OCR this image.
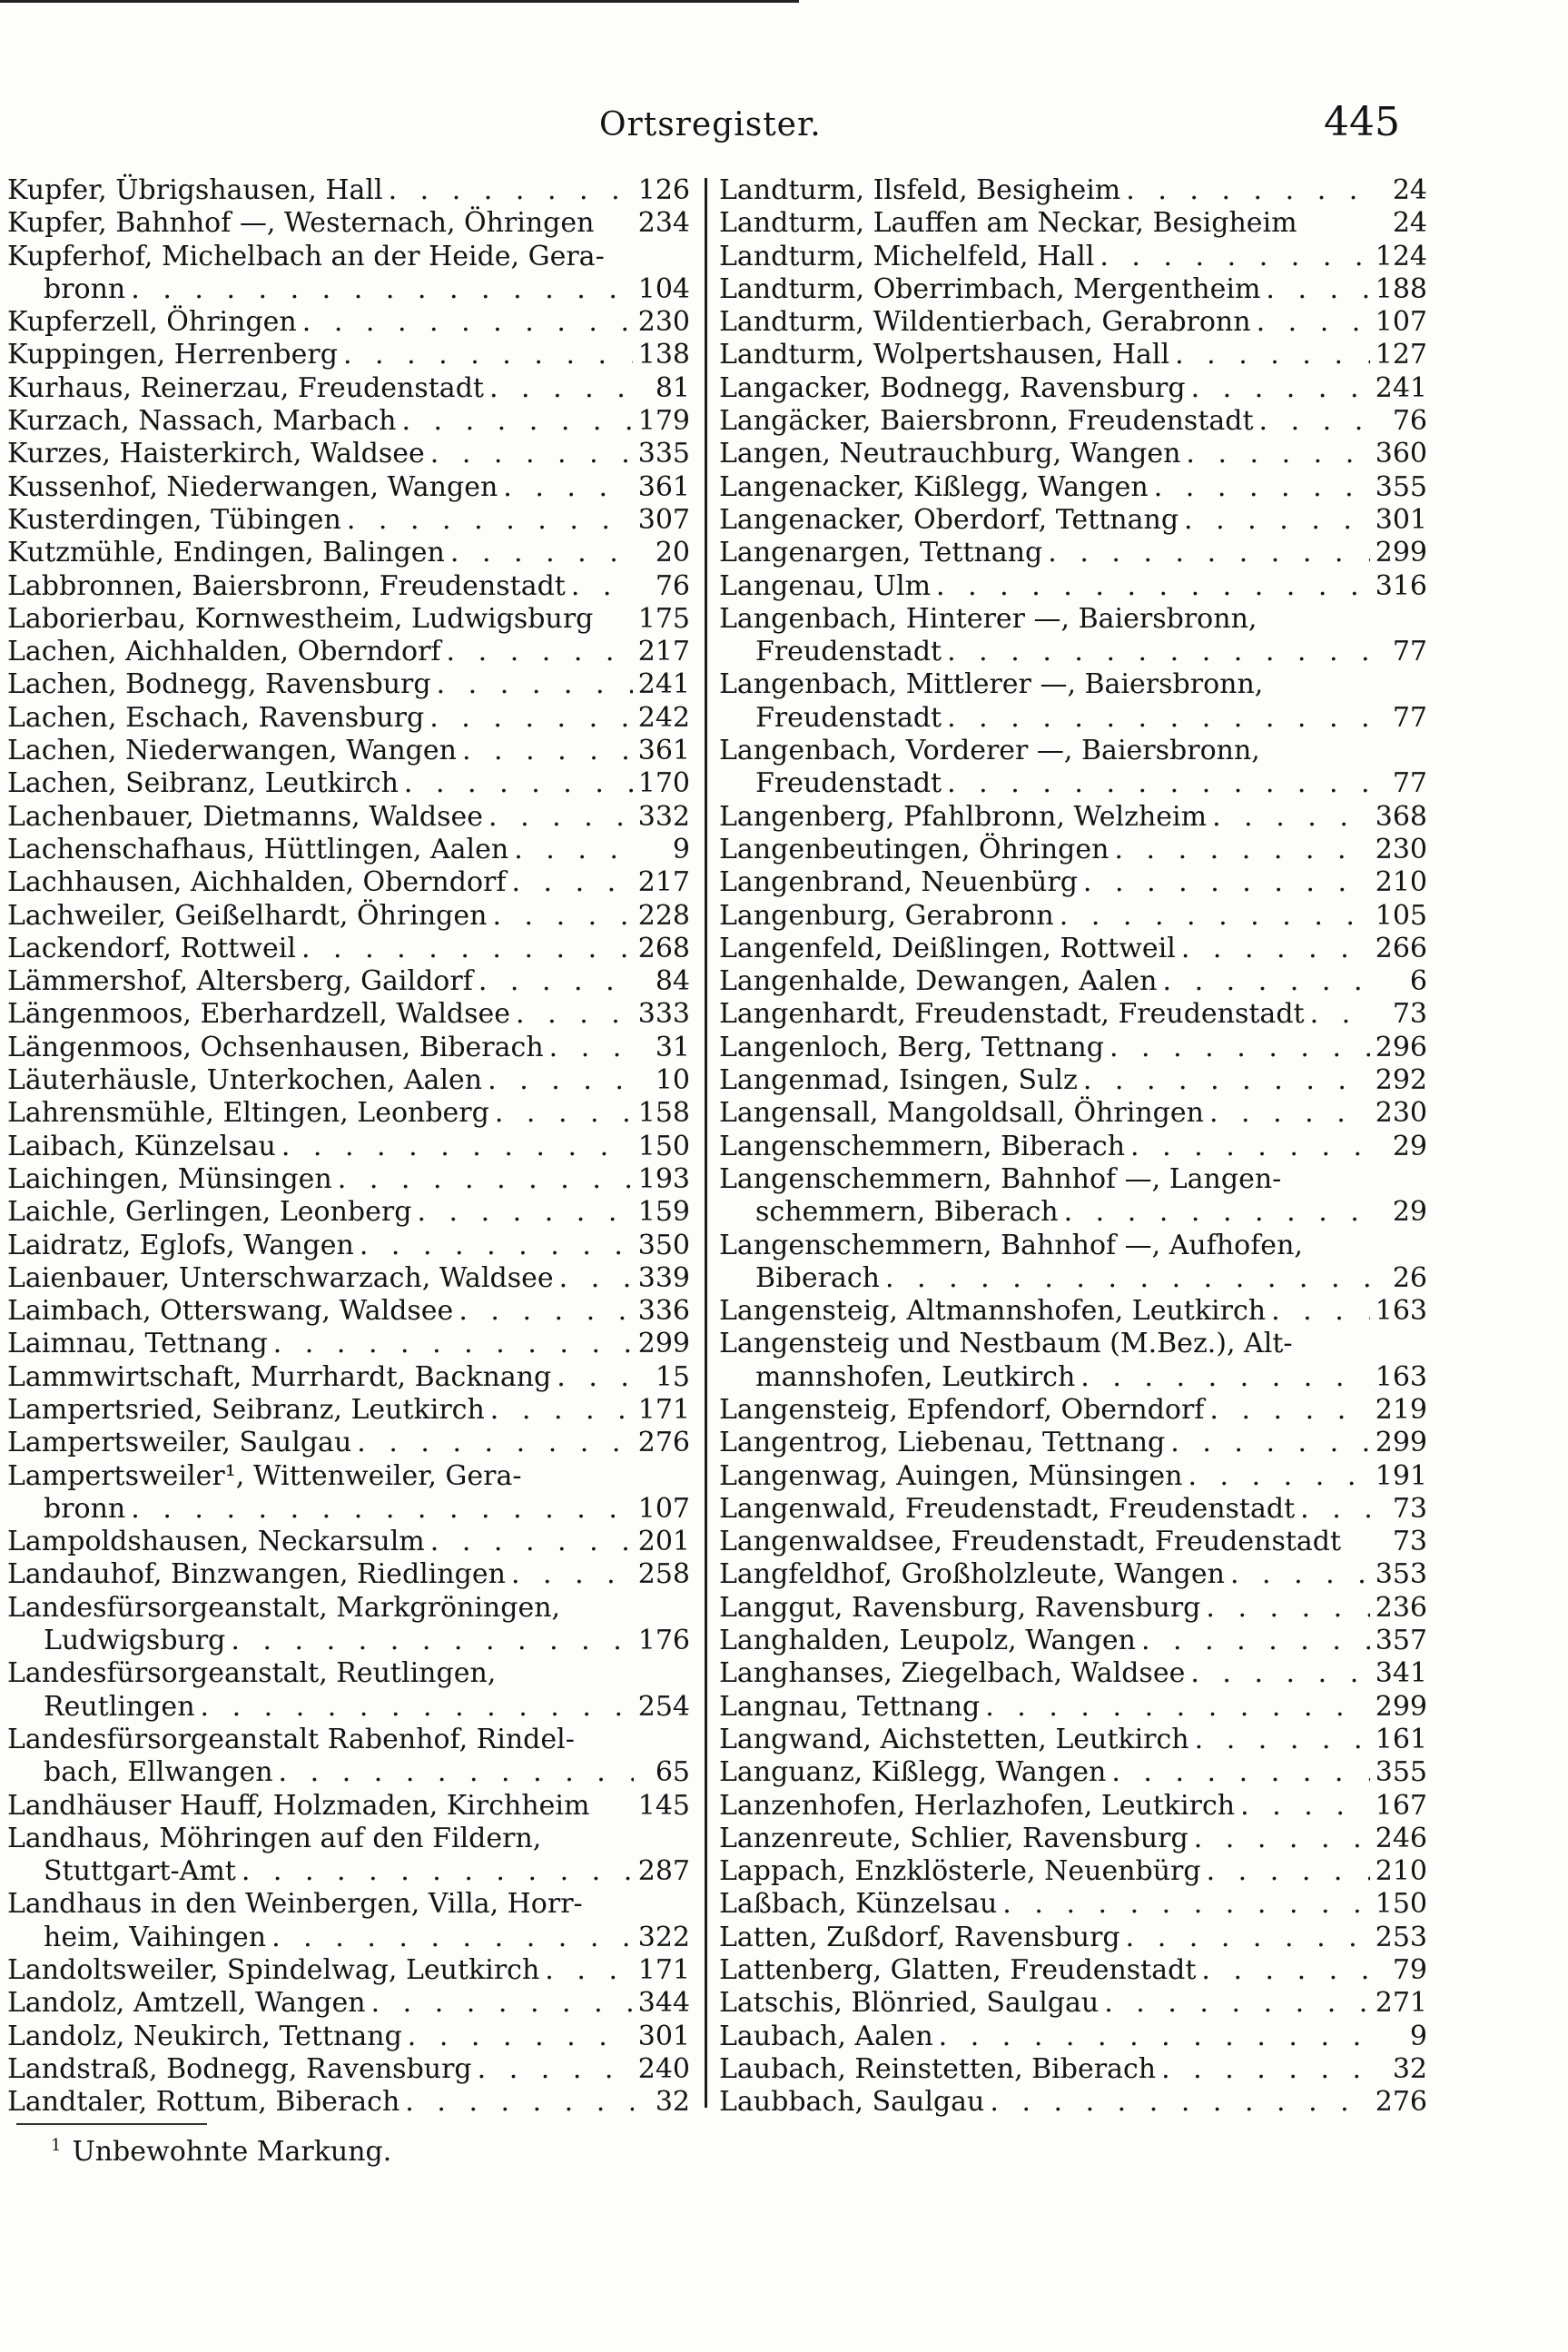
Ortsregister.	445
Kupfer, Übrigshausen, Hall . . .	126
Kupfer, Bahnhof —, Westernach, Öhringen 234
Kupferhof, Michelbach an der Heide, Gera-
bronn . . .	104
Kupferzell, Öhringen . . .	230
Kuppingen, Herrenberg . . .	138
Kurhaus, Reinerzau, Freudenstadt . . .	81
Kurzach, Nassach, Marbach . . .	179
Kurzes, Haisterkirch, Waldsee . . .	335
Kussenhof, Niederwangen, Wangen . . .	361
Kusterdingen, Tübingen . . .	307
Kutzmühle, Endingen, Balingen . . .	20
Labbronnen, Baiersbronn, Freudenstadt . . .	76
Laborierbau, Kornwestheim, Ludwigsburg 175
Lachen, Aichhalden, Oberndorf . . .	217
Lachen, Bodnegg, Ravensburg . . .	241
Lachen, Eschach, Ravensburg . . .	242
Lachen, Niederwangen, Wangen . . .	361
Lachen, Seibranz, Leutkirch . . .	170
Lachenbauer, Dietmanns, Waldsee . . .	332
Lachenschafhaus, Hüttlingen, Aalen . . .	9
Lachhausen, Aichhalden, Oberndorf . . .	217
Lachweiler, Geißelhardt, Öhringen . . .	228
Lackendorf, Rottweil . . .	268
Lämmershof, Altersberg, Gaildorf . . .	84
Längenmoos, Eberhardzell, Waldsee . . .	333
Längenmoos, Ochsenhausen, Biberach . . .	31
Läuterhäusle, Unterkochen, Aalen . . .	10
Lahrensmühle, Eltingen, Leonberg . . .	158
Laibach, Künzelsau . . .	150
Laichingen, Münsingen . . .	193
Laichle, Gerlingen, Leonberg . . .	159
Laidratz, Eglofs, Wangen . . .	350
Laienbauer, Unterschwarzach, Waldsee . . .	339
Laimbach, Otterswang, Waldsee . . .	336
Laimnau, Tettnang . . .	299
Lammwirtschaft, Murrhardt, Backnang . . .	15
Lampertsried, Seibranz, Leutkirch . . .	171
Lampertsweiler, Saulgau . . .	276
Lampertsweiler¹, Wittenweiler, Gera-
bronn . . .	107
Lampoldshausen, Neckarsulm . . .	201
Landauhof, Binzwangen, Riedlingen . . .	258
Landesfürsorgeanstalt, Markgröningen,
Ludwigsburg . . .	176
Landesfürsorgeanstalt, Reutlingen,
Reutlingen . . .	254
Landesfürsorgeanstalt Rabenhof, Rindel-
bach, Ellwangen . . .	65
Landhäuser Hauff, Holzmaden, Kirchheim 145
Landhaus, Möhringen auf den Fildern,
Stuttgart-Amt . . .	287
Landhaus in den Weinbergen, Villa, Horr-
heim, Vaihingen . . .	322
Landoltsweiler, Spindelwag, Leutkirch . . .	171
Landolz, Amtzell, Wangen . . .	344
Landolz, Neukirch, Tettnang . . .	301
Landstraß, Bodnegg, Ravensburg . . .	240
Landtaler, Rottum, Biberach . . .	32
Landturm, Ilsfeld, Besigheim . . .	24
Landturm, Lauffen am Neckar, Besigheim	24
Landturm, Michelfeld, Hall . . .	124
Landturm, Oberrimbach, Mergentheim . . .	188
Landturm, Wildentierbach, Gerabronn . . .	107
Landturm, Wolpertshausen, Hall . . .	127
Langacker, Bodnegg, Ravensburg . . .	241
Langäcker, Baiersbronn, Freudenstadt . . .	76
Langen, Neutrauchburg, Wangen . . .	360
Langenacker, Kißlegg, Wangen . . .	355
Langenacker, Oberdorf, Tettnang . . .	301
Langenargen, Tettnang . . .	299
Langenau, Ulm . . .	316
Langenbach, Hinterer —, Baiersbronn,
Freudenstadt . . .	77
Langenbach, Mittlerer —, Baiersbronn,
Freudenstadt . . .	77
Langenbach, Vorderer —, Baiersbronn,
Freudenstadt . . .	77
Langenberg, Pfahlbronn, Welzheim . . .	368
Langenbeutingen, Öhringen . . .	230
Langenbrand, Neuenbürg . . .	210
Langenburg, Gerabronn . . .	105
Langenfeld, Deißlingen, Rottweil . . .	266
Langenhalde, Dewangen, Aalen . . .	6
Langenhardt, Freudenstadt, Freudenstadt . . .	73
Langenloch, Berg, Tettnang . . .	296
Langenmad, Isingen, Sulz . . .	292
Langensall, Mangoldsall, Öhringen . . .	230
Langenschemmern, Biberach . . .	29
Langenschemmern, Bahnhof —, Langen-
schemmern, Biberach . . .	29
Langenschemmern, Bahnhof —, Aufhofen,
Biberach . . .	26
Langensteig, Altmannshofen, Leutkirch . . .	163
Langensteig und Nestbaum (M.Bez.), Alt-
mannshofen, Leutkirch . . .	163
Langensteig, Epfendorf, Oberndorf . . .	219
Langentrog, Liebenau, Tettnang . . .	299
Langenwag, Auingen, Münsingen . . .	191
Langenwald, Freudenstadt, Freudenstadt . . .	73
Langenwaldsee, Freudenstadt, Freudenstadt	73
Langfeldhof, Großholzleute, Wangen . . .	353
Langgut, Ravensburg, Ravensburg . . .	236
Langhalden, Leupolz, Wangen . . .	357
Langhanses, Ziegelbach, Waldsee . . .	341
Langnau, Tettnang . . .	299
Langwand, Aichstetten, Leutkirch . . .	161
Languanz, Kißlegg, Wangen . . .	355
Lanzenhofen, Herlazhofen, Leutkirch . . .	167
Lanzenreute, Schlier, Ravensburg . . .	246
Lappach, Enzklösterle, Neuenbürg . . .	210
Laßbach, Künzelsau . . .	150
Latten, Zußdorf, Ravensburg . . .	253
Lattenberg, Glatten, Freudenstadt . . .	79
Latschis, Blönried, Saulgau . . .	271
Laubach, Aalen . . .	9
Laubach, Reinstetten, Biberach . . .	32
Laubbach, Saulgau . . .	276
$^1$ Unbewohnte Markung.
